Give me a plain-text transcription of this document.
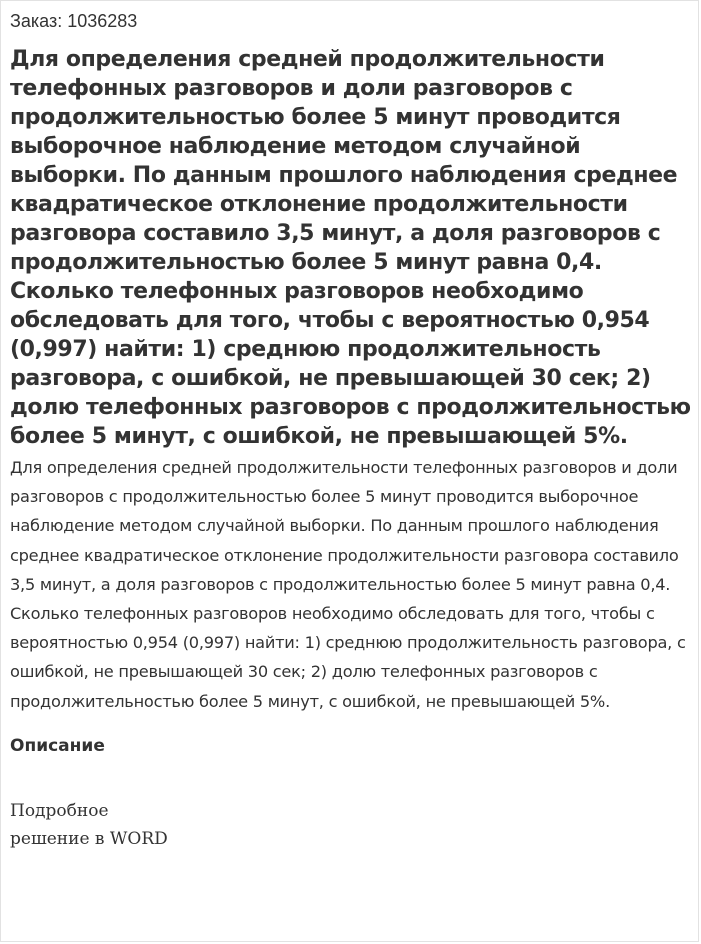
Заказ: 1036283
Для определения средней продолжительности телефонных разговоров и доли разговоров с продолжительностью более 5 минут проводится выборочное наблюдение методом случайной выборки. По данным прошлого наблюдения среднее квадратическое отклонение продолжительности разговора составило 3,5 минут, а доля разговоров с продолжительностью более 5 минут равна 0,4. Сколько телефонных разговоров необходимо обследовать для того, чтобы с вероятностью 0,954 (0,997) найти: 1) среднюю продолжительность разговора, с ошибкой, не превышающей 30 сек; 2) долю телефонных разговоров с продолжительностью более 5 минут, с ошибкой, не превышающей 5%.

Для определения средней продолжительности телефонных разговоров и доли разговоров с продолжительностью более 5 минут проводится выборочное наблюдение методом случайной выборки. По данным прошлого наблюдения среднее квадратическое отклонение продолжительности разговора составило 3,5 минут, а доля разговоров с продолжительностью более 5 минут равна 0,4. Сколько телефонных разговоров необходимо обследовать для того, чтобы с вероятностью 0,954 (0,997) найти: 1) среднюю продолжительность разговора, с ошибкой, не превышающей 30 сек; 2) долю телефонных разговоров с продолжительностью более 5 минут, с ошибкой, не превышающей 5%.

Описание
Подробное
решение в WORD
